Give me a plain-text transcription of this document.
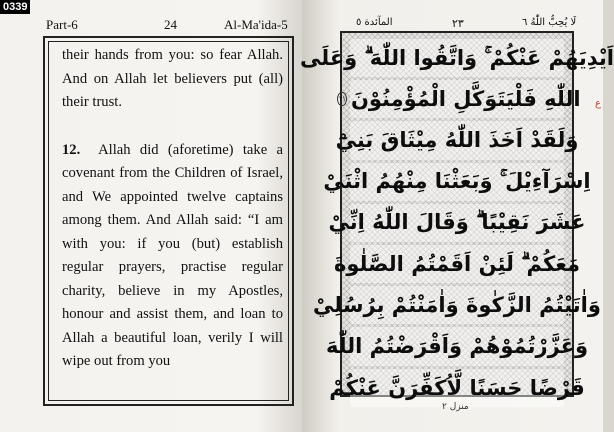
0339
Part-6	24	Al-Ma'ida-5

their hands from you: so fear Allah. And on Allah let believers put (all) their trust.

12. Allah did (aforetime) take a covenant from the Children of Israel, and We appointed twelve captains among them. And Allah said: “I am with you: if you (but) establish regular prayers, practise regular charity, believe in my Apostles, honour and assist them, and loan to Allah a beautiful loan, verily I will wipe out from you

المآئدة ٥	٢٣	لَا يُحِبُّ اللّٰهُ ٦
اَيْدِيَهُمْ عَنْكُمْ ۚ وَاتَّقُوا اللّٰهَ ۗ وَعَلَى
اللّٰهِ فَلْيَتَوَكَّلِ الْمُؤْمِنُوْنَ
١١
وَلَقَدْ اَخَذَ اللّٰهُ مِيْثَاقَ بَنِيْٓ
اِسْرَآءِيْلَ ۚ وَبَعَثْنَا مِنْهُمُ اثْنَيْ
عَشَرَ نَقِيْبًا ۗ وَقَالَ اللّٰهُ اِنِّيْ
مَعَكُمْ ۗ لَئِنْ اَقَمْتُمُ الصَّلٰوةَ
وَاٰتَيْتُمُ الزَّكٰوةَ وَاٰمَنْتُمْ بِرُسُلِيْ
وَعَزَّرْتُمُوْهُمْ وَاَقْرَضْتُمُ اللّٰهَ
قَرْضًا حَسَنًا لَّاُكَفِّرَنَّ عَنْكُمْ
ع
منزل ٢
